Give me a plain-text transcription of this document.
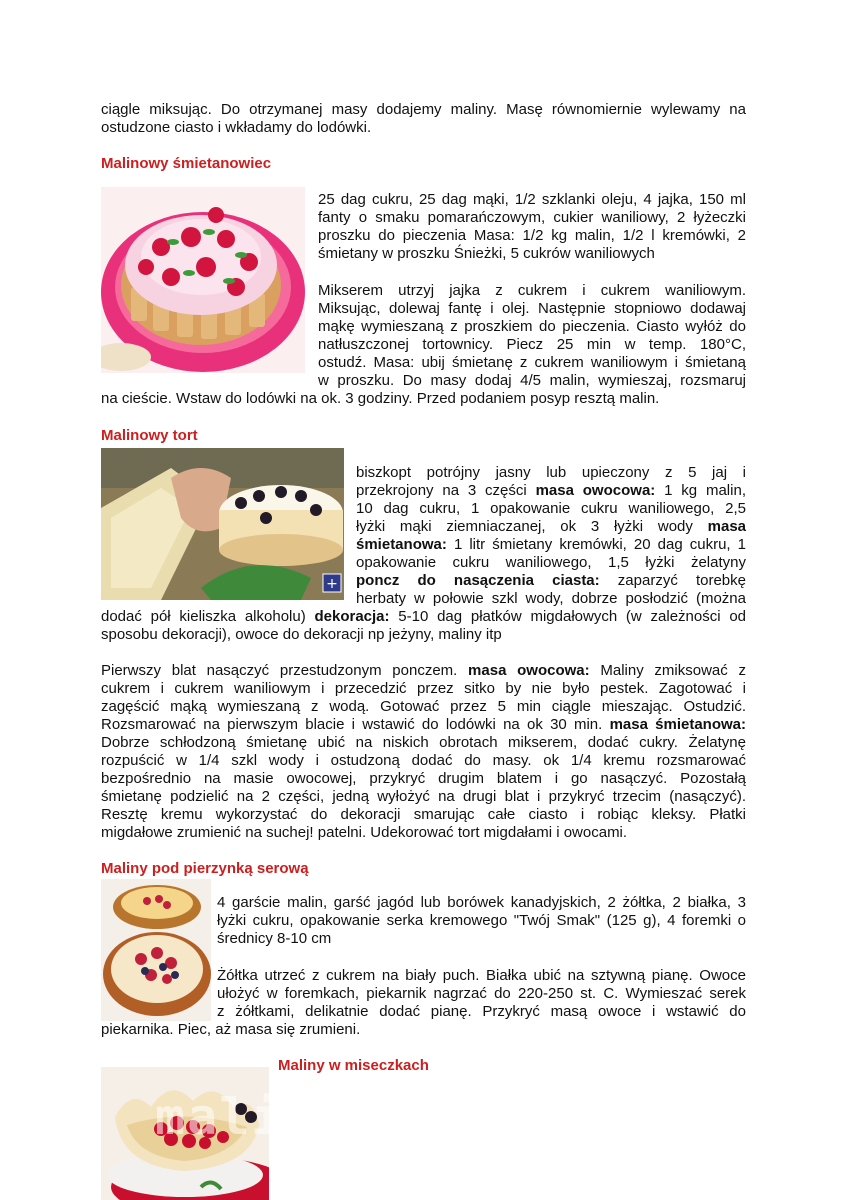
ciągle miksując. Do otrzymanej masy dodajemy maliny. Masę równomiernie wylewamy na
ostudzone ciasto i wkładamy do lodówki.
Malinowy śmietanowiec
25 dag cukru, 25 dag mąki, 1/2 szklanki oleju, 4 jajka, 150 ml
fanty o smaku pomarańczowym, cukier waniliowy, 2 łyżeczki
proszku do pieczenia Masa: 1/2 kg malin, 1/2 l kremówki, 2
śmietany w proszku Śnieżki, 5 cukrów waniliowych
Mikserem utrzyj jajka z cukrem i cukrem waniliowym.
Miksując, dolewaj fantę i olej. Następnie stopniowo dodawaj
mąkę wymieszaną z proszkiem do pieczenia. Ciasto wyłóż do
natłuszczonej tortownicy. Piecz 25 min w temp. 180°C,
ostudź. Masa: ubij śmietanę z cukrem waniliowym i śmietaną
w proszku. Do masy dodaj 4/5 malin, wymieszaj, rozsmaruj
na cieście. Wstaw do lodówki na ok. 3 godziny. Przed podaniem posyp resztą malin.
Malinowy tort
+
biszkopt potrójny jasny lub upieczony z 5 jaj i
przekrojony na 3 części masa owocowa: 1 kg malin,
10 dag cukru, 1 opakowanie cukru waniliowego, 2,5
łyżki mąki ziemniaczanej, ok 3 łyżki wody masa
śmietanowa: 1 litr śmietany kremówki, 20 dag cukru, 1
opakowanie cukru waniliowego, 1,5 łyżki żelatyny
poncz do nasączenia ciasta: zaparzyć torebkę
herbaty w połowie szkl wody, dobrze posłodzić (można
dodać pół kieliszka alkoholu) dekoracja: 5-10 dag płatków migdałowych (w zależności od
sposobu dekoracji), owoce do dekoracji np jeżyny, maliny itp
Pierwszy blat nasączyć przestudzonym ponczem. masa owocowa: Maliny zmiksować z
cukrem i cukrem waniliowym i przecedzić przez sitko by nie było pestek. Zagotować i
zagęścić mąką wymieszaną z wodą. Gotować przez 5 min ciągle mieszając. Ostudzić.
Rozsmarować na pierwszym blacie i wstawić do lodówki na ok 30 min. masa śmietanowa:
Dobrze schłodzoną śmietanę ubić na niskich obrotach mikserem, dodać cukry. Żelatynę
rozpuścić w 1/4 szkl wody i ostudzoną dodać do masy. ok 1/4 kremu rozsmarować
bezpośrednio na masie owocowej, przykryć drugim blatem i go nasączyć. Pozostałą
śmietanę podzielić na 2 części, jedną wyłożyć na drugi blat i przykryć trzecim (nasączyć).
Resztę kremu wykorzystać do dekoracji smarując całe ciasto i robiąc kleksy. Płatki
migdałowe zrumienić na suchej! patelni. Udekorować tort migdałami i owocami.
Maliny pod pierzynką serową
4 garście malin, garść jagód lub borówek kanadyjskich, 2 żółtka, 2 białka, 3
łyżki cukru, opakowanie serka kremowego "Twój Smak" (125 g), 4 foremki o
średnicy 8-10 cm
Żółtka utrzeć z cukrem na biały puch. Białka ubić na sztywną pianę. Owoce
ułożyć w foremkach, piekarnik nagrzać do 220-250 st. C. Wymieszać serek
z żółtkami, delikatnie dodać pianę. Przykryć masą owoce i wstawić do
piekarnika. Piec, aż masa się zrumieni.
Maliny w miseczkach
malinydomowe.pl
